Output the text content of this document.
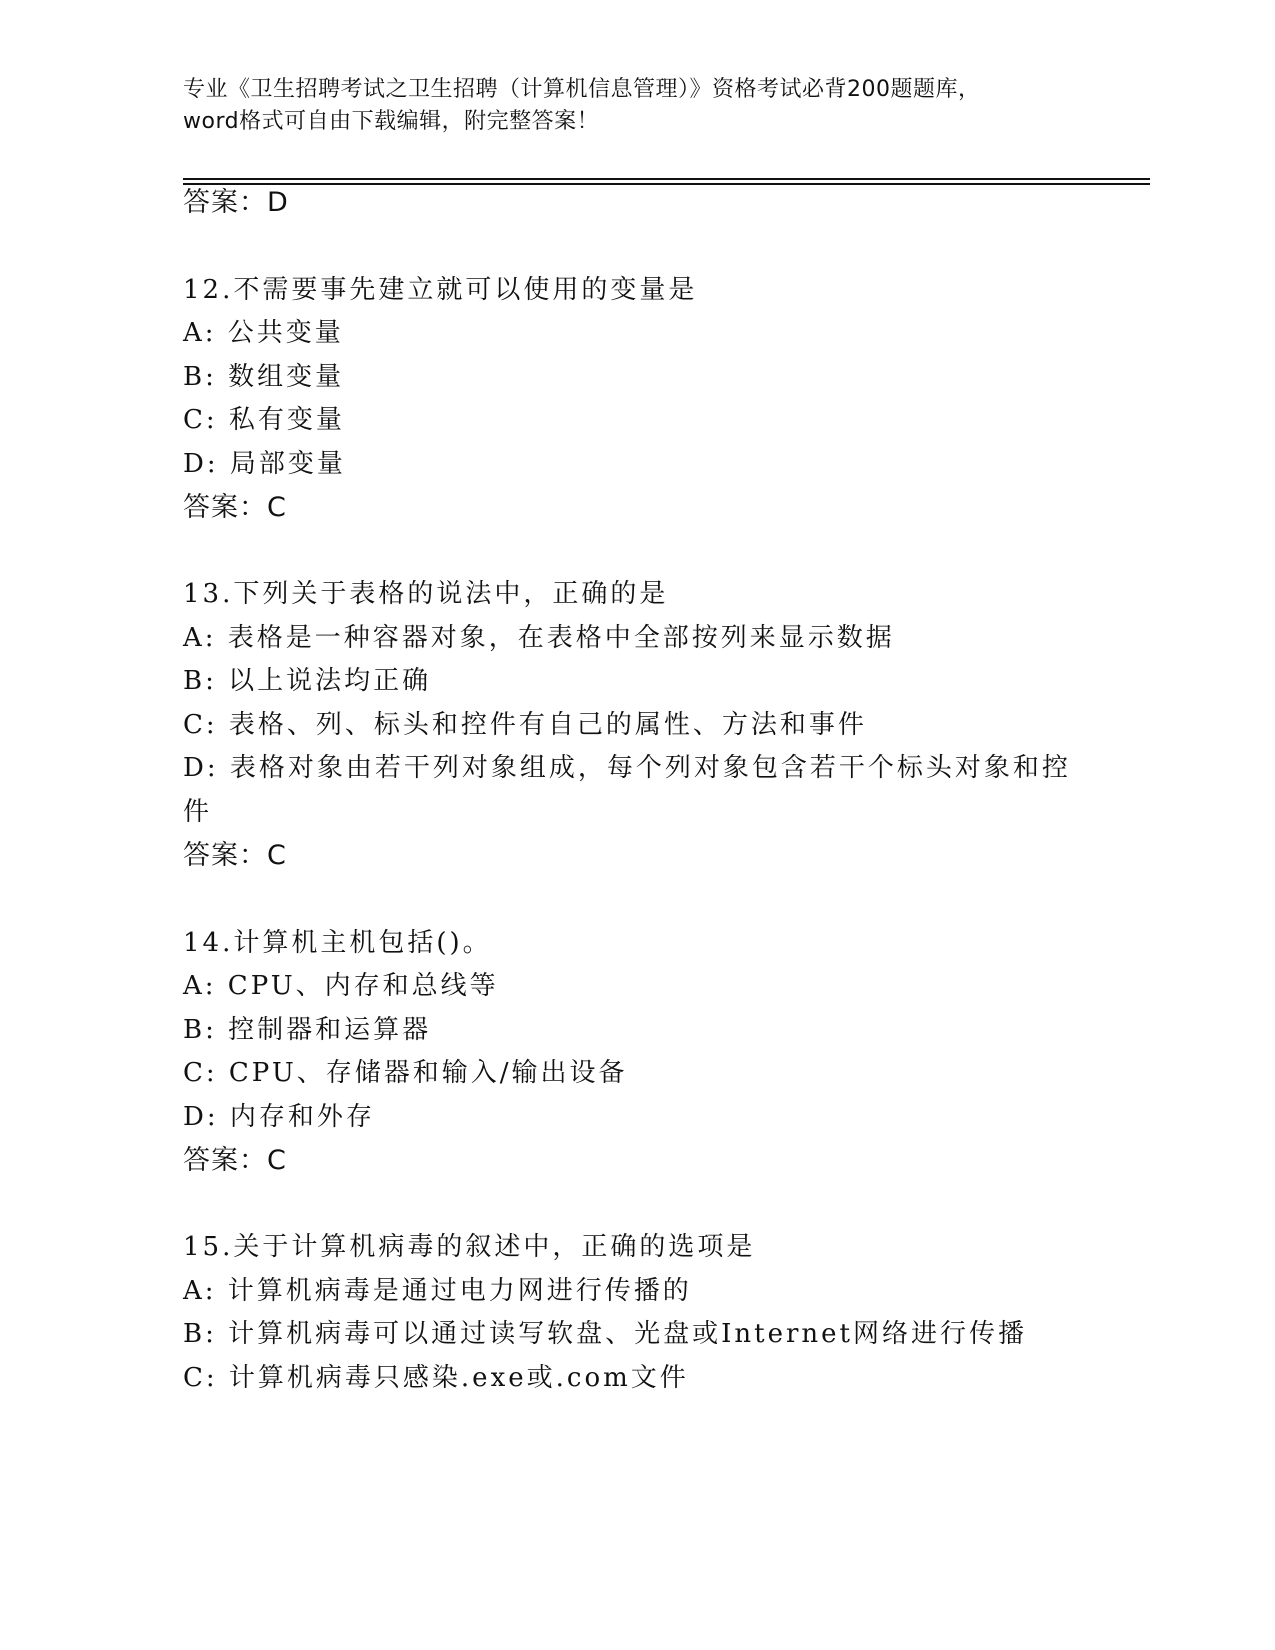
专业《卫生招聘考试之卫生招聘（计算机信息管理）》资格考试必背200题题库，
word格式可自由下载编辑，附完整答案！
答案：D
12.不需要事先建立就可以使用的变量是
A: 公共变量
B: 数组变量
C: 私有变量
D: 局部变量
答案：C
13.下列关于表格的说法中，正确的是
A: 表格是一种容器对象，在表格中全部按列来显示数据
B: 以上说法均正确
C: 表格、列、标头和控件有自己的属性、方法和事件
D: 表格对象由若干列对象组成，每个列对象包含若干个标头对象和控
件
答案：C
14.计算机主机包括()。
A: CPU、内存和总线等
B: 控制器和运算器
C: CPU、存储器和输入/输出设备
D: 内存和外存
答案：C
15.关于计算机病毒的叙述中，正确的选项是
A: 计算机病毒是通过电力网进行传播的
B: 计算机病毒可以通过读写软盘、光盘或Internet网络进行传播
C: 计算机病毒只感染.exe或.com文件
